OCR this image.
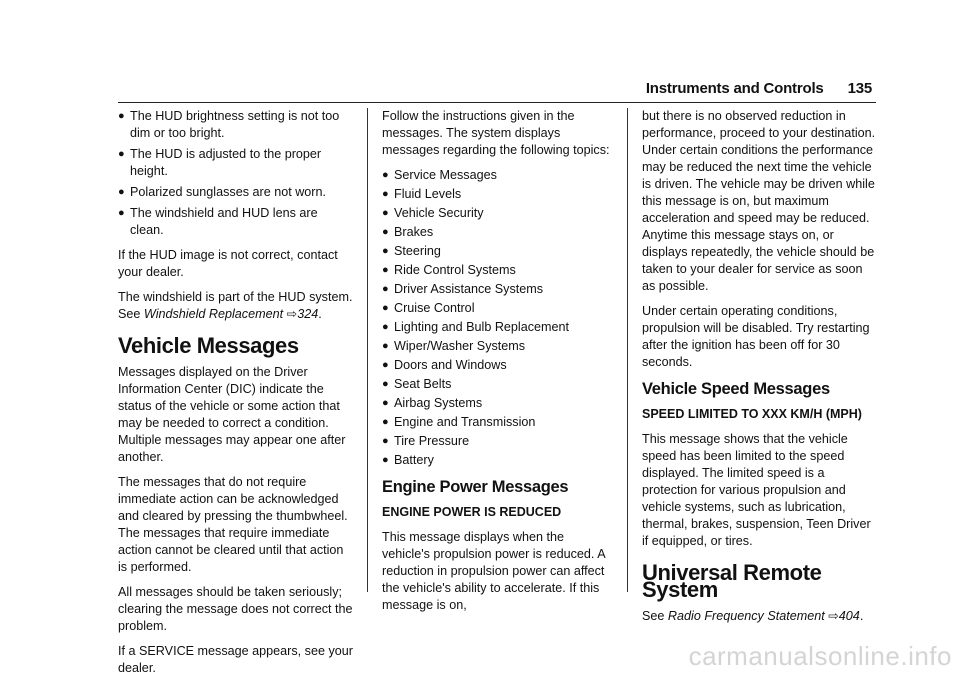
Instruments and Controls 135
● The HUD brightness setting is not too dim or too bright.
● The HUD is adjusted to the proper height.
● Polarized sunglasses are not worn.
● The windshield and HUD lens are clean.

If the HUD image is not correct, contact your dealer.

The windshield is part of the HUD system. See Windshield Replacement ⇨324.

Vehicle Messages

Messages displayed on the Driver Information Center (DIC) indicate the status of the vehicle or some action that may be needed to correct a condition. Multiple messages may appear one after another.

The messages that do not require immediate action can be acknowledged and cleared by pressing the thumbwheel. The messages that require immediate action cannot be cleared until that action is performed.

All messages should be taken seriously; clearing the message does not correct the problem.

If a SERVICE message appears, see your dealer.

Follow the instructions given in the messages. The system displays messages regarding the following topics:

● Service Messages
● Fluid Levels
● Vehicle Security
● Brakes
● Steering
● Ride Control Systems
● Driver Assistance Systems
● Cruise Control
● Lighting and Bulb Replacement
● Wiper/Washer Systems
● Doors and Windows
● Seat Belts
● Airbag Systems
● Engine and Transmission
● Tire Pressure
● Battery
Engine Power Messages
ENGINE POWER IS REDUCED

This message displays when the vehicle's propulsion power is reduced. A reduction in propulsion power can affect the vehicle's ability to accelerate. If this message is on,

but there is no observed reduction in performance, proceed to your destination. Under certain conditions the performance may be reduced the next time the vehicle is driven. The vehicle may be driven while this message is on, but maximum acceleration and speed may be reduced. Anytime this message stays on, or displays repeatedly, the vehicle should be taken to your dealer for service as soon as possible.

Under certain operating conditions, propulsion will be disabled. Try restarting after the ignition has been off for 30 seconds.

Vehicle Speed Messages
SPEED LIMITED TO XXX KM/H (MPH)

This message shows that the vehicle speed has been limited to the speed displayed. The limited speed is a protection for various propulsion and vehicle systems, such as lubrication, thermal, brakes, suspension, Teen Driver if equipped, or tires.

Universal Remote System

See Radio Frequency Statement ⇨404.

carmanualsonline.info
